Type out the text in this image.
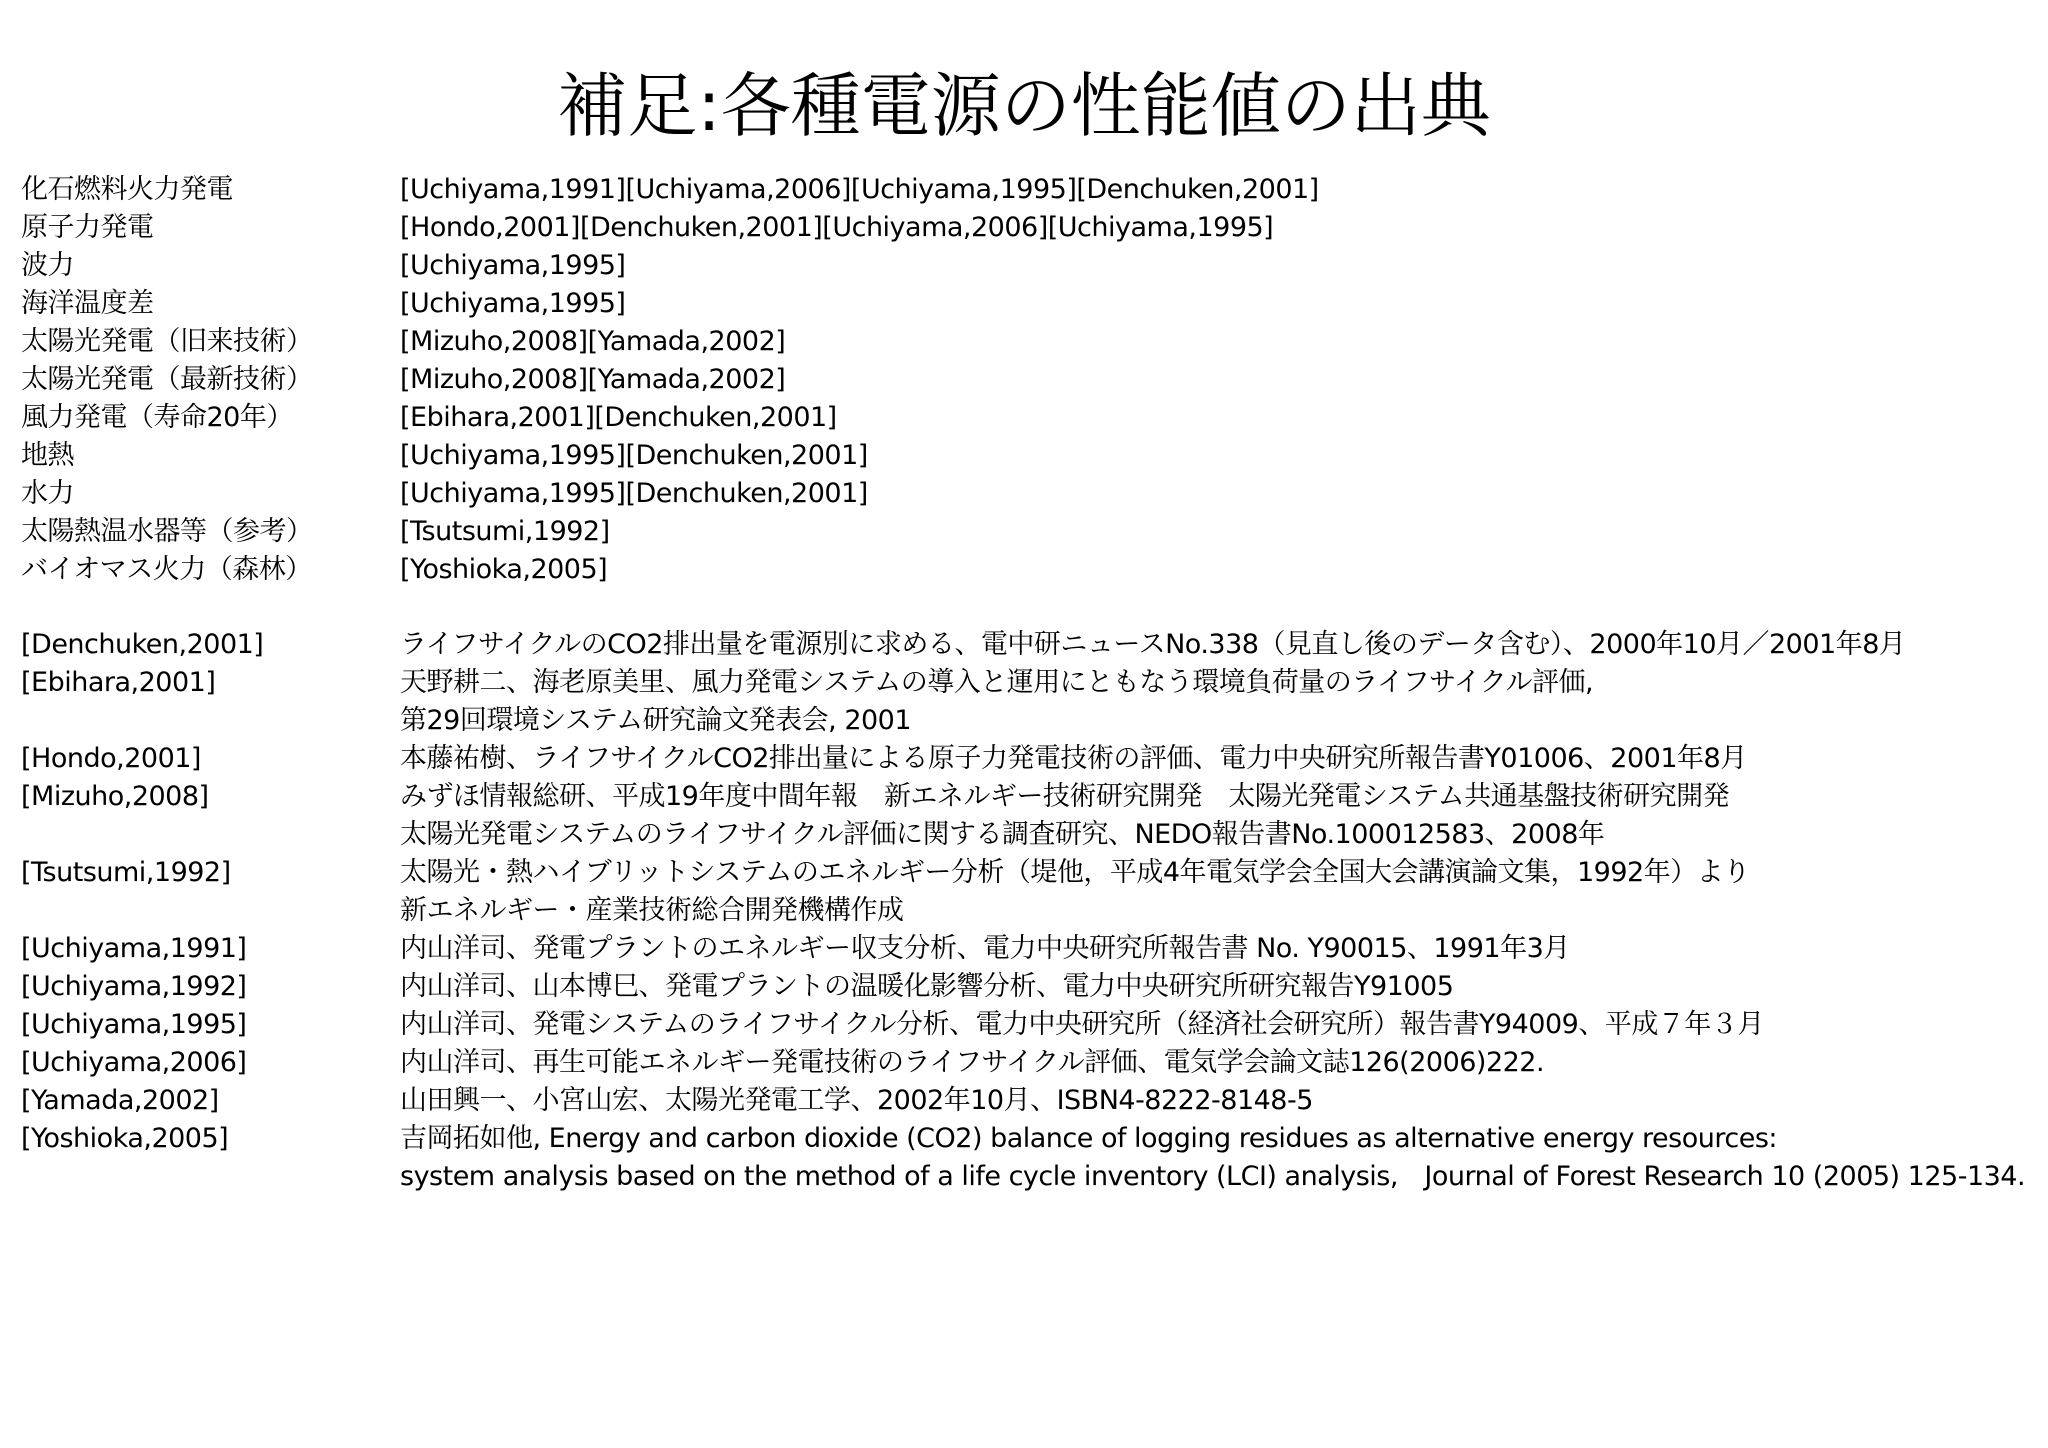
補足:各種電源の性能値の出典
化石燃料火力発電	[Uchiyama,1991][Uchiyama,2006][Uchiyama,1995][Denchuken,2001]
原子力発電	[Hondo,2001][Denchuken,2001][Uchiyama,2006][Uchiyama,1995]
波力	[Uchiyama,1995]
海洋温度差	[Uchiyama,1995]
太陽光発電（旧来技術）	[Mizuho,2008][Yamada,2002]
太陽光発電（最新技術）	[Mizuho,2008][Yamada,2002]
風力発電（寿命20年）	[Ebihara,2001][Denchuken,2001]
地熱	[Uchiyama,1995][Denchuken,2001]
水力	[Uchiyama,1995][Denchuken,2001]
太陽熱温水器等（参考）	[Tsutsumi,1992]
バイオマス火力（森林）	[Yoshioka,2005]
[Denchuken,2001]	ライフサイクルのCO2排出量を電源別に求める、電中研ニュースNo.338（見直し後のデータ含む）、2000年10月／2001年8月
[Ebihara,2001]	天野耕二、海老原美里、風力発電システムの導入と運用にともなう環境負荷量のライフサイクル評価,
第29回環境システム研究論文発表会, 2001
[Hondo,2001]	本藤祐樹、ライフサイクルCO2排出量による原子力発電技術の評価、電力中央研究所報告書Y01006、2001年8月
[Mizuho,2008]	みずほ情報総研、平成19年度中間年報　新エネルギー技術研究開発　太陽光発電システム共通基盤技術研究開発
太陽光発電システムのライフサイクル評価に関する調査研究、NEDO報告書No.100012583、2008年
[Tsutsumi,1992]	太陽光・熱ハイブリットシステムのエネルギー分析（堤他，平成4年電気学会全国大会講演論文集，1992年）より
新エネルギー・産業技術総合開発機構作成
[Uchiyama,1991]	内山洋司、発電プラントのエネルギー収支分析、電力中央研究所報告書 No. Y90015、1991年3月
[Uchiyama,1992]	内山洋司、山本博巳、発電プラントの温暖化影響分析、電力中央研究所研究報告Y91005
[Uchiyama,1995]	内山洋司、発電システムのライフサイクル分析、電力中央研究所（経済社会研究所）報告書Y94009、平成７年３月
[Uchiyama,2006]	内山洋司、再生可能エネルギー発電技術のライフサイクル評価、電気学会論文誌126(2006)222.
[Yamada,2002]	山田興一、小宮山宏、太陽光発電工学、2002年10月、ISBN4-8222-8148-5
[Yoshioka,2005]	吉岡拓如他, Energy and carbon dioxide (CO2) balance of logging residues as alternative energy resources:
system analysis based on the method of a life cycle inventory (LCI) analysis,　Journal of Forest Research 10 (2005) 125-134.
